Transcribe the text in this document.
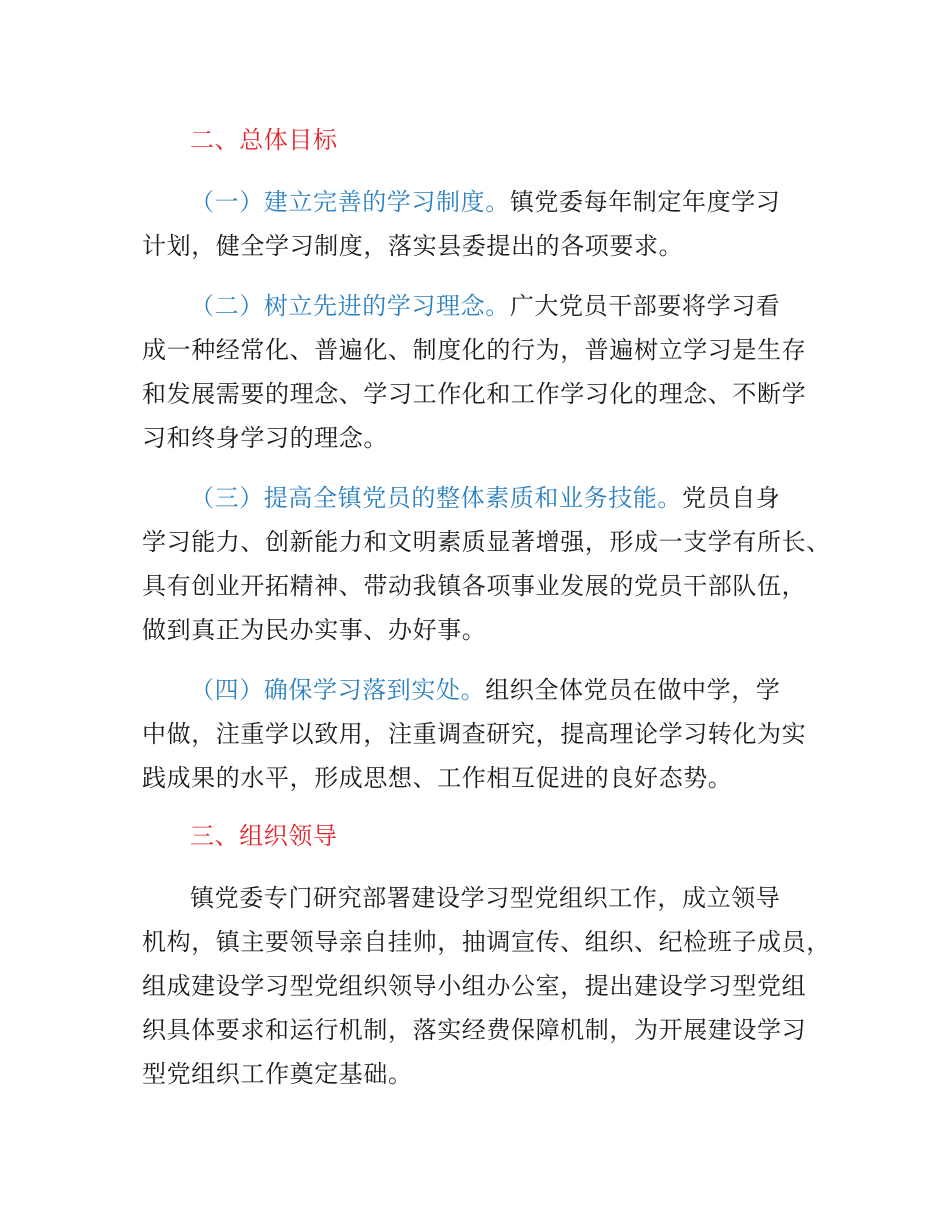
二、总体目标
（一）建立完善的学习制度。镇党委每年制定年度学习
计划，健全学习制度，落实县委提出的各项要求。
（二）树立先进的学习理念。广大党员干部要将学习看
成一种经常化、普遍化、制度化的行为，普遍树立学习是生存
和发展需要的理念、学习工作化和工作学习化的理念、不断学
习和终身学习的理念。
（三）提高全镇党员的整体素质和业务技能。党员自身
学习能力、创新能力和文明素质显著增强，形成一支学有所长、
具有创业开拓精神、带动我镇各项事业发展的党员干部队伍，
做到真正为民办实事、办好事。
（四）确保学习落到实处。组织全体党员在做中学，学
中做，注重学以致用，注重调查研究，提高理论学习转化为实
践成果的水平，形成思想、工作相互促进的良好态势。
三、组织领导
镇党委专门研究部署建设学习型党组织工作，成立领导
机构，镇主要领导亲自挂帅，抽调宣传、组织、纪检班子成员，
组成建设学习型党组织领导小组办公室，提出建设学习型党组
织具体要求和运行机制，落实经费保障机制，为开展建设学习
型党组织工作奠定基础。
